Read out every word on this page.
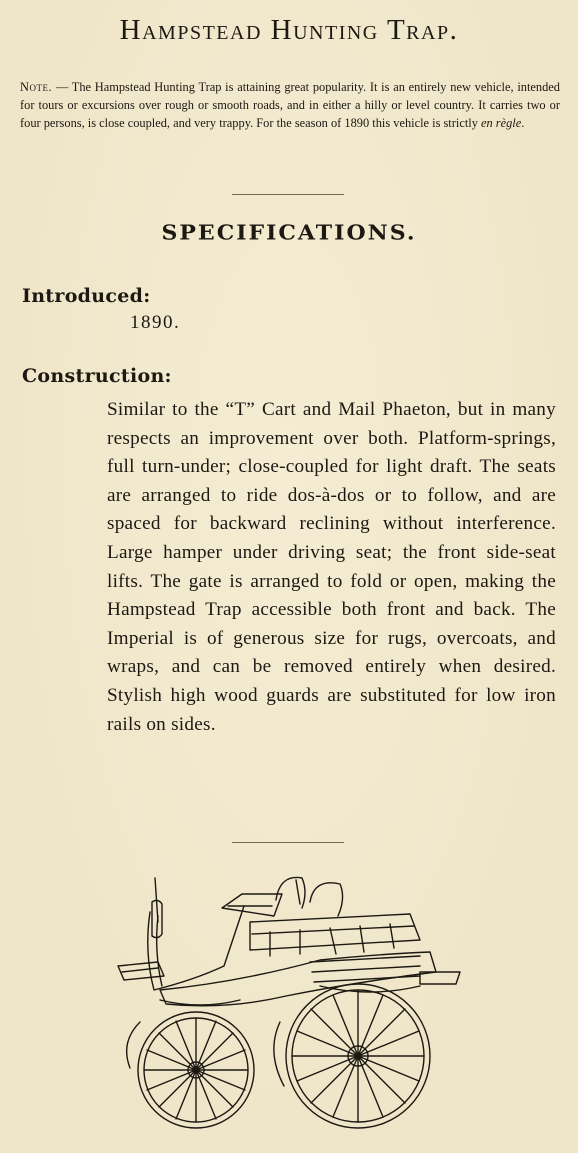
Hampstead Hunting Trap.
Note. — The Hampstead Hunting Trap is attaining great popularity. It is an entirely new vehicle, intended for tours or excursions over rough or smooth roads, and in either a hilly or level country. It carries two or four persons, is close coupled, and very trappy. For the season of 1890 this vehicle is strictly en règle.
SPECIFICATIONS.
Introduced:
1890.
Construction:
Similar to the “T” Cart and Mail Phaeton, but in many respects an improvement over both. Platform-springs, full turn-under; close-coupled for light draft. The seats are arranged to ride dos-à-dos or to follow, and are spaced for backward reclining without interference. Large hamper under driving seat; the front side-seat lifts. The gate is arranged to fold or open, making the Hampstead Trap accessible both front and back. The Imperial is of generous size for rugs, overcoats, and wraps, and can be removed entirely when desired. Stylish high wood guards are substituted for low iron rails on sides.
